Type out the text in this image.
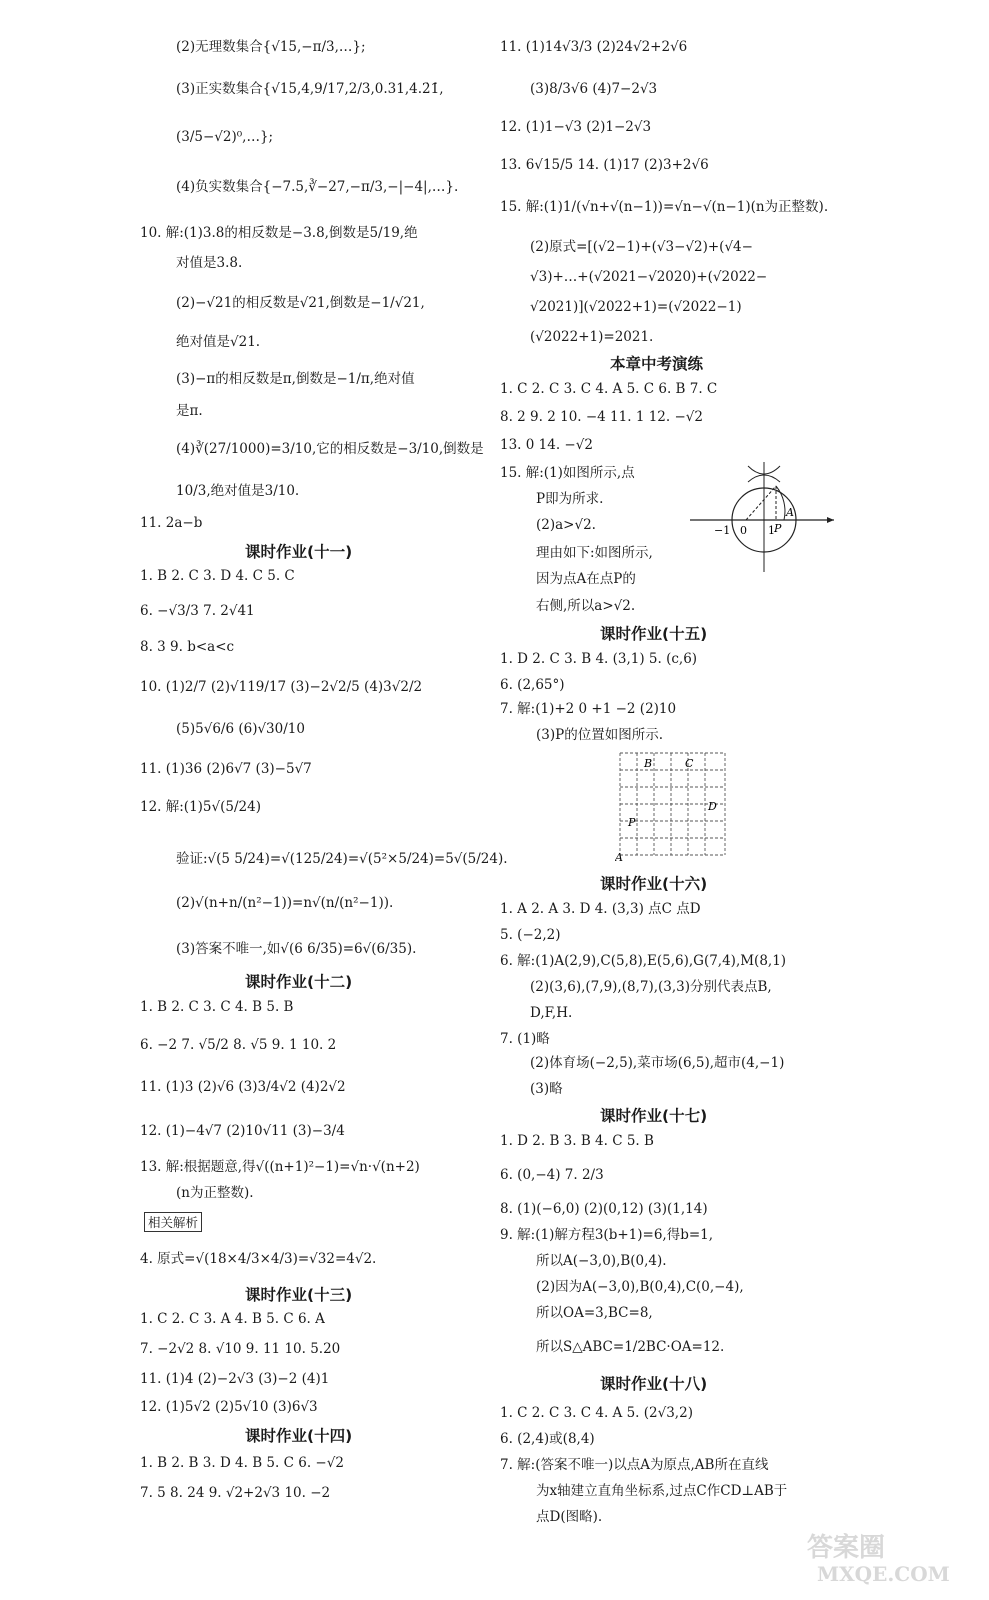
(2)无理数集合{√15,−π/3,…};
(3)正实数集合{√15,4,9/17,2/3,0.31,4.2̇1̇,
(3/5−√2)⁰,…};
(4)负实数集合{−7.5,∛−27,−π/3,−|−4|,…}.
10. 解:(1)3.8的相反数是−3.8,倒数是5/19,绝
对值是3.8.
(2)−√21的相反数是√21,倒数是−1/√21,
绝对值是√21.
(3)−π的相反数是π,倒数是−1/π,绝对值
是π.
(4)∛(27/1000)=3/10,它的相反数是−3/10,倒数是
10/3,绝对值是3/10.
11. 2a−b
课时作业(十一)
1. B 2. C 3. D 4. C 5. C
6. −√3/3 7. 2√41
8. 3 9. b<a<c
10. (1)2/7 (2)√119/17 (3)−2√2/5 (4)3√2/2
(5)5√6/6 (6)√30/10
11. (1)36 (2)6√7 (3)−5√7
12. 解:(1)5√(5/24)
验证:√(5 5/24)=√(125/24)=√(5²×5/24)=5√(5/24).
(2)√(n+n/(n²−1))=n√(n/(n²−1)).
(3)答案不唯一,如√(6 6/35)=6√(6/35).
课时作业(十二)
1. B 2. C 3. C 4. B 5. B
6. −2 7. √5/2 8. √5 9. 1 10. 2
11. (1)3 (2)√6 (3)3/4√2 (4)2√2
12. (1)−4√7 (2)10√11 (3)−3/4
13. 解:根据题意,得√((n+1)²−1)=√n·√(n+2)
(n为正整数).
相关解析
4. 原式=√(18×4/3×4/3)=√32=4√2.
课时作业(十三)
1. C 2. C 3. A 4. B 5. C 6. A
7. −2√2 8. √10 9. 11 10. 5.20
11. (1)4 (2)−2√3 (3)−2 (4)1
12. (1)5√2 (2)5√10 (3)6√3
课时作业(十四)
1. B 2. B 3. D 4. B 5. C 6. −√2
7. 5 8. 24 9. √2+2√3 10. −2
11. (1)14√3/3 (2)24√2+2√6
(3)8/3√6 (4)7−2√3
12. (1)1−√3 (2)1−2√3
13. 6√15/5 14. (1)17 (2)3+2√6
15. 解:(1)1/(√n+√(n−1))=√n−√(n−1)(n为正整数).
(2)原式=[(√2−1)+(√3−√2)+(√4−
√3)+…+(√2021−√2020)+(√2022−
√2021)](√2022+1)=(√2022−1)
(√2022+1)=2021.
本章中考演练
1. C 2. C 3. C 4. A 5. C 6. B 7. C
8. 2 9. 2 10. −4 11. 1 12. −√2
13. 0 14. −√2
15. 解:(1)如图所示,点
P即为所求.
(2)a>√2.
理由如下:如图所示,
因为点A在点P的
右侧,所以a>√2.
−1 0 1 P
A
课时作业(十五)
1. D 2. C 3. B 4. (3,1) 5. (c,6)
6. (2,65°)
7. 解:(1)+2 0 +1 −2 (2)10
(3)P的位置如图所示.
B	C
D
P
A
课时作业(十六)
1. A 2. A 3. D 4. (3,3) 点C 点D
5. (−2,2)
6. 解:(1)A(2,9),C(5,8),E(5,6),G(7,4),M(8,1)
(2)(3,6),(7,9),(8,7),(3,3)分别代表点B,
D,F,H.
7. (1)略
(2)体育场(−2,5),菜市场(6,5),超市(4,−1)
(3)略
课时作业(十七)
1. D 2. B 3. B 4. C 5. B
6. (0,−4) 7. 2/3
8. (1)(−6,0) (2)(0,12) (3)(1,14)
9. 解:(1)解方程3(b+1)=6,得b=1,
所以A(−3,0),B(0,4).
(2)因为A(−3,0),B(0,4),C(0,−4),
所以OA=3,BC=8,
所以S△ABC=1/2BC·OA=12.
课时作业(十八)
1. C 2. C 3. C 4. A 5. (2√3,2)
6. (2,4)或(8,4)
7. 解:(答案不唯一)以点A为原点,AB所在直线
为x轴建立直角坐标系,过点C作CD⊥AB于
点D(图略).
答案圈
MXQE.COM
